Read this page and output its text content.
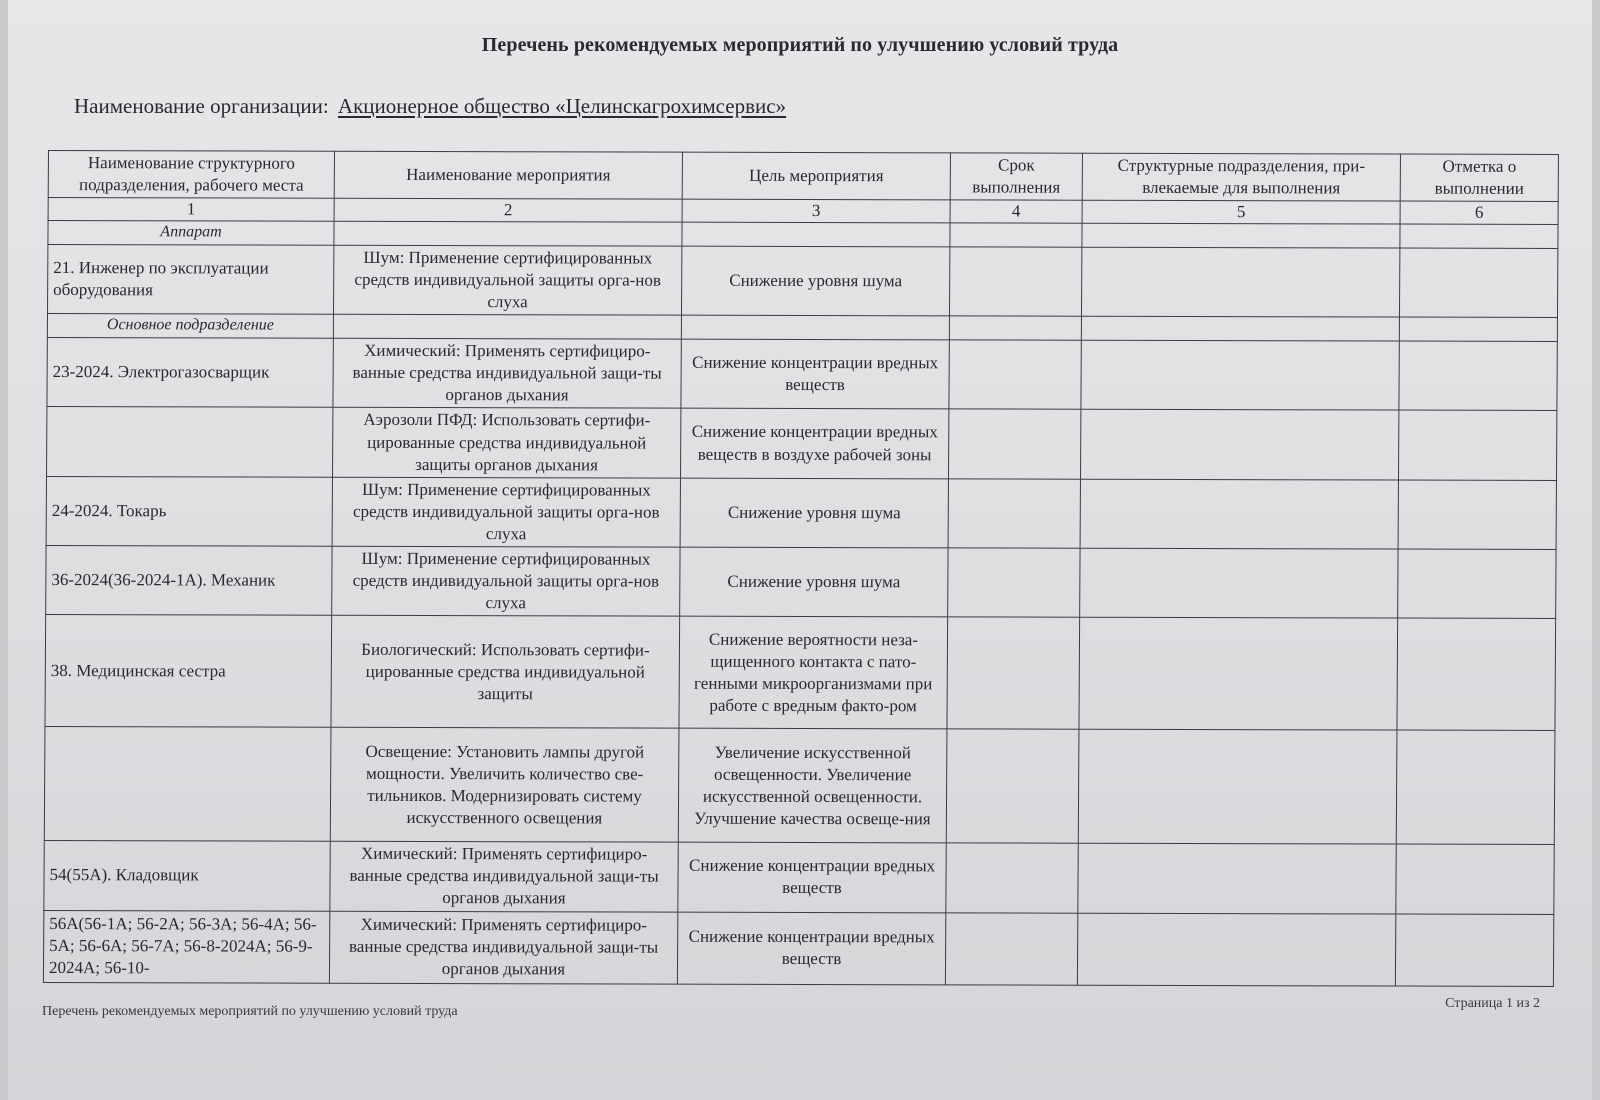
Перечень рекомендуемых мероприятий по улучшению условий труда
Наименование организации: Акционерное общество «Целинскагрохимсервис»
Наименование структурного подразделения, рабочего места	Наименование мероприятия	Цель мероприятия	Срок выполнения	Структурные подразделения, при-влекаемые для выполнения	Отметка о выполнении
1	2	3	4	5	6
Аппарат					
21. Инженер по эксплуатации оборудования	Шум: Применение сертифицированных средств индивидуальной защиты орга-нов слуха	Снижение уровня шума			
Основное подразделение					
23-2024. Электрогазосварщик	Химический: Применять сертифициро-ванные средства индивидуальной защи-ты органов дыхания	Снижение концентрации вредных веществ			
	Аэрозоли ПФД: Использовать сертифи-цированные средства индивидуальной защиты органов дыхания	Снижение концентрации вредных веществ в воздухе рабочей зоны			
24-2024. Токарь	Шум: Применение сертифицированных средств индивидуальной защиты орга-нов слуха	Снижение уровня шума			
36-2024(36-2024-1А). Механик	Шум: Применение сертифицированных средств индивидуальной защиты орга-нов слуха	Снижение уровня шума			
38. Медицинская сестра	Биологический: Использовать сертифи-цированные средства индивидуальной защиты	Снижение вероятности неза-щищенного контакта с пато-генными микроорганизмами при работе с вредным факто-ром			
	Освещение: Установить лампы другой мощности. Увеличить количество све-тильников. Модернизировать систему искусственного освещения	Увеличение искусственной освещенности. Увеличение искусственной освещенности. Улучшение качества освеще-ния			
54(55А). Кладовщик	Химический: Применять сертифициро-ванные средства индивидуальной защи-ты органов дыхания	Снижение концентрации вредных веществ			
56А(56-1А; 56-2А; 56-3А; 56-4А; 56-5А; 56-6А; 56-7А; 56-8-2024А; 56-9-2024А; 56-10-	Химический: Применять сертифициро-ванные средства индивидуальной защи-ты органов дыхания	Снижение концентрации вредных веществ			
Перечень рекомендуемых мероприятий по улучшению условий труда
Страница 1 из 2
